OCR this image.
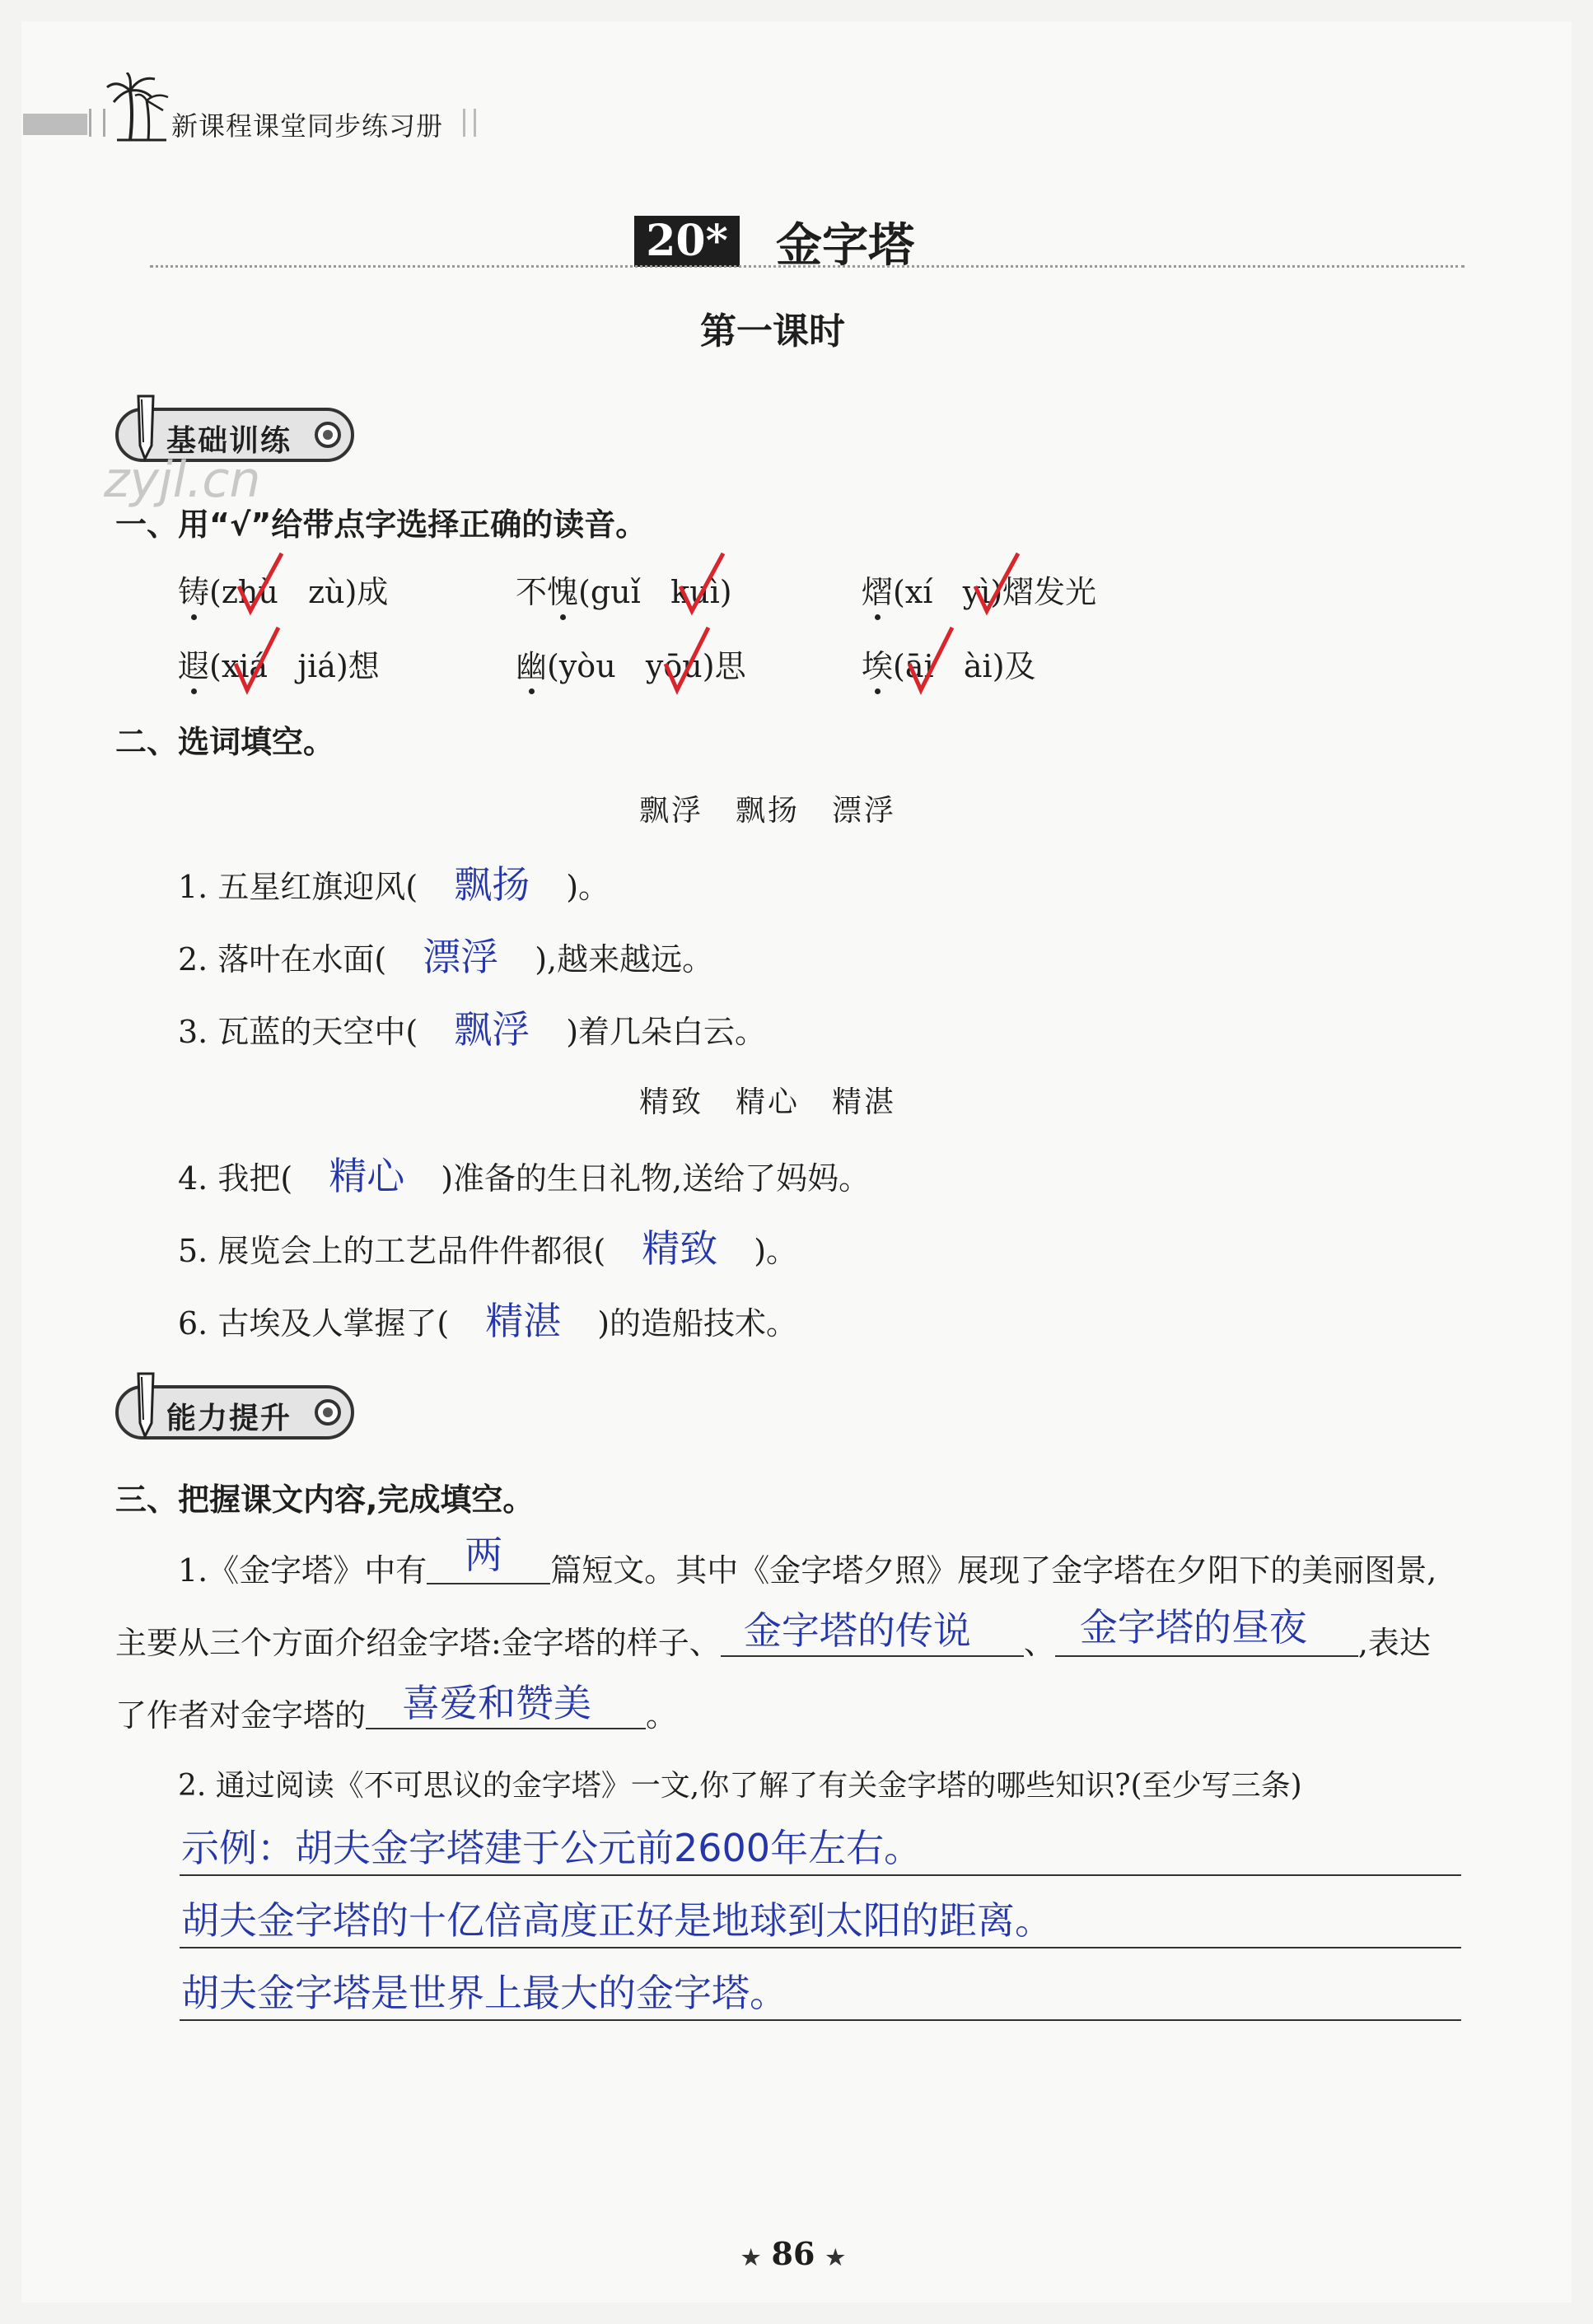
新课程课堂同步练习册
20* 金字塔
第一课时
基础训练
zyjl.cn
一、用“√”给带点字选择正确的读音。
铸(zhù zù)成	不愧(guǐ kuì)	熠(xí yì)熠发光
遐(xiá jiá)想	幽(yòu yōu)思	埃(āi ài)及
二、选词填空。
飘浮　飘扬　漂浮
1. 五星红旗迎风( 飘扬 )。
2. 落叶在水面( 漂浮 ),越来越远。
3. 瓦蓝的天空中( 飘浮 )着几朵白云。
精致　精心　精湛
4. 我把( 精心 )准备的生日礼物,送给了妈妈。
5. 展览会上的工艺品件件都很( 精致 )。
6. 古埃及人掌握了( 精湛 )的造船技术。
能力提升
三、把握课文内容,完成填空。
1.《金字塔》中有 两 篇短文。其中《金字塔夕照》展现了金字塔在夕阳下的美丽图景,
主要从三个方面介绍金字塔:金字塔的样子、 金字塔的传说 、 金字塔的昼夜 ,表达
了作者对金字塔的 喜爱和赞美 。
2. 通过阅读《不可思议的金字塔》一文,你了解了有关金字塔的哪些知识?(至少写三条)
示例：胡夫金字塔建于公元前2600年左右。
胡夫金字塔的十亿倍高度正好是地球到太阳的距离。
胡夫金字塔是世界上最大的金字塔。
★ 86 ★
